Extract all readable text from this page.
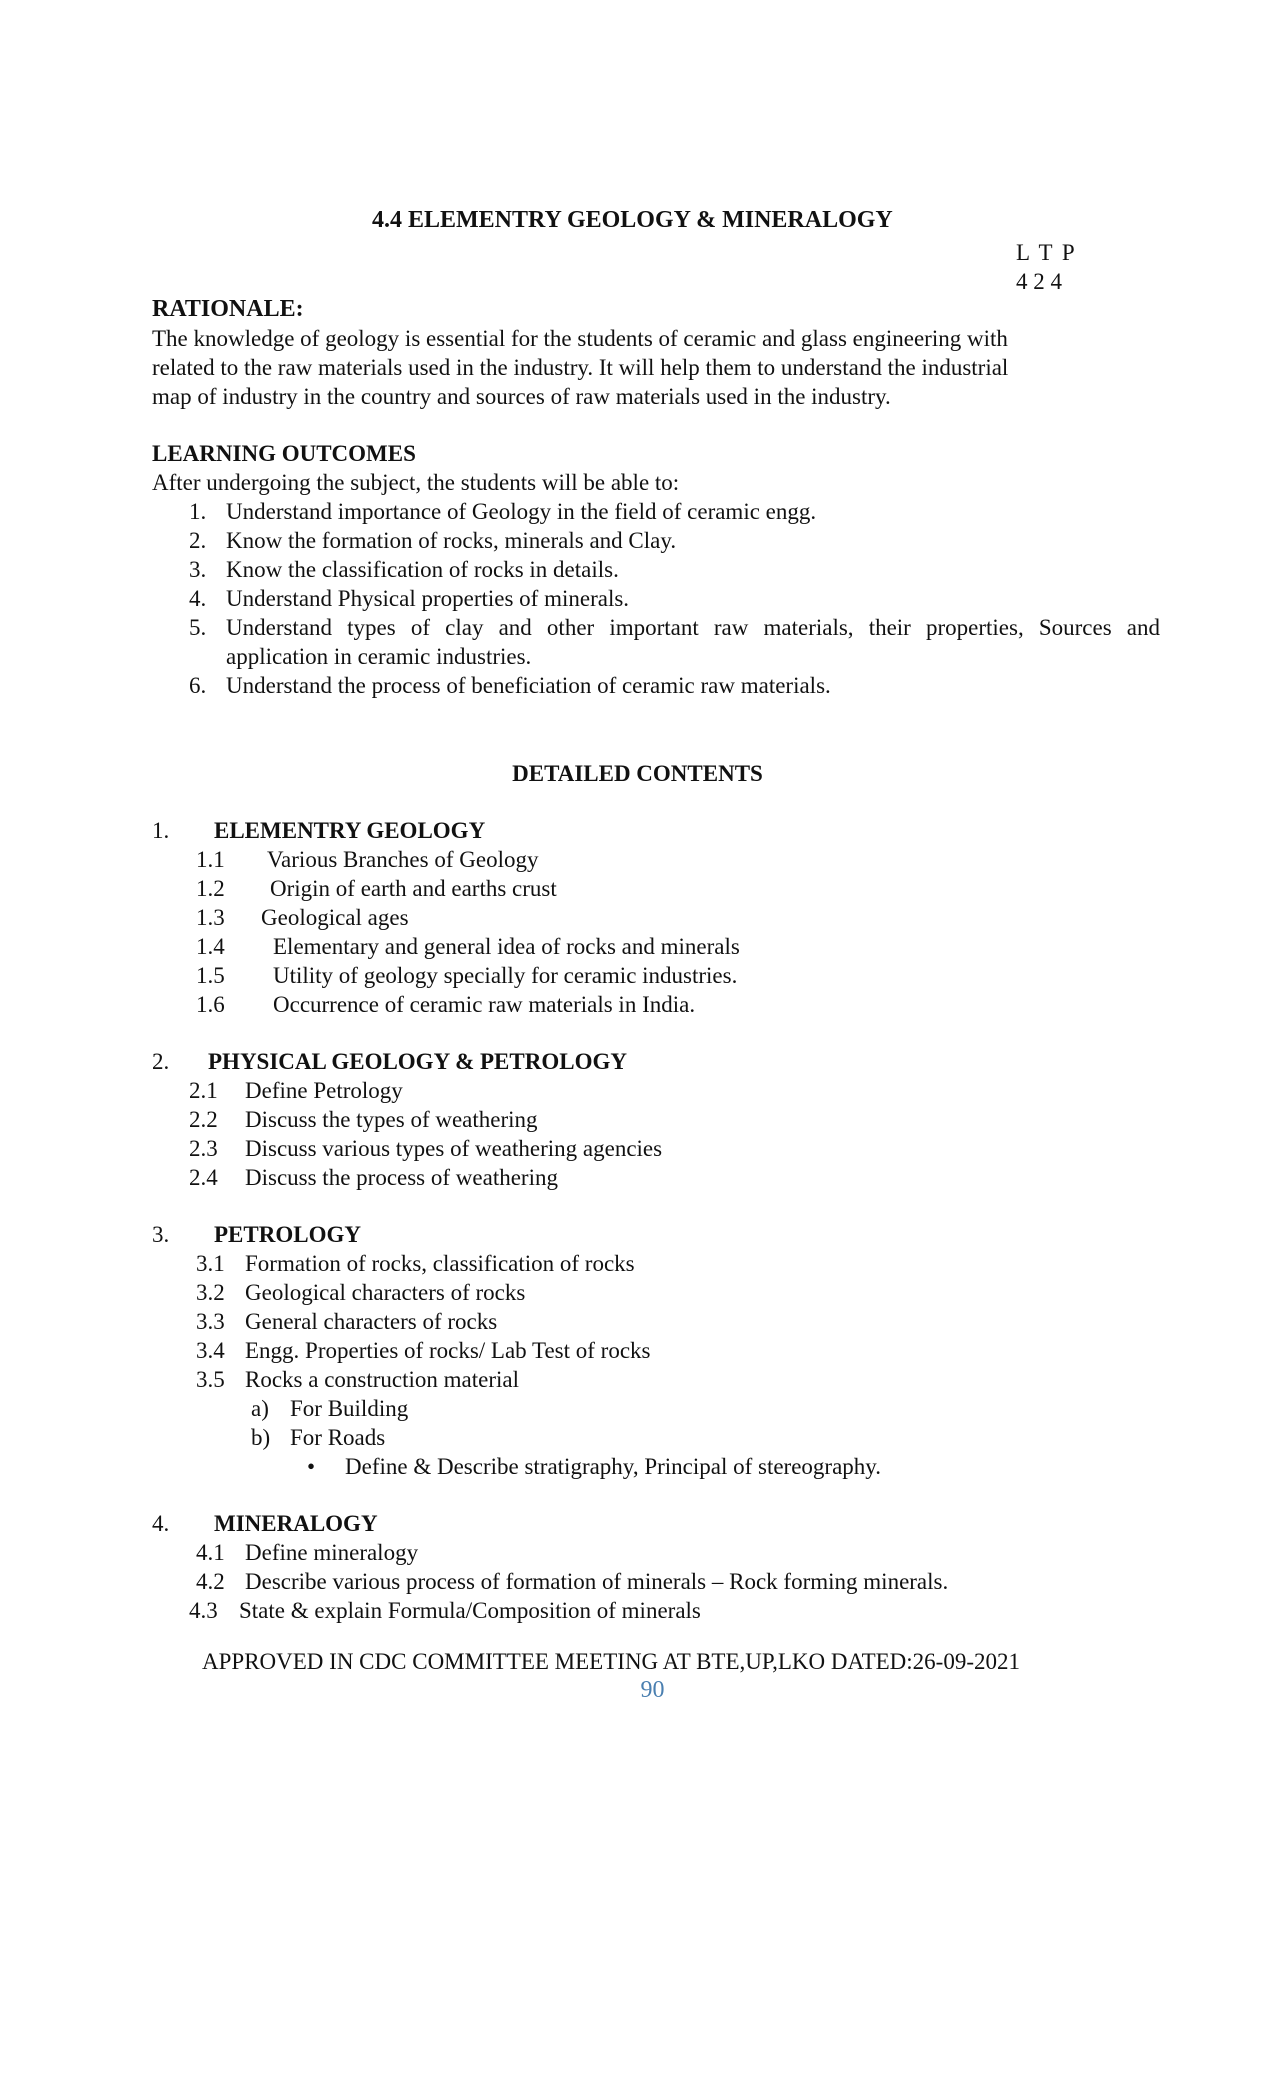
4.4 ELEMENTRY GEOLOGY & MINERALOGY
L T P
4 2 4
RATIONALE:
The knowledge of geology is essential for the students of ceramic and glass engineering with
related to the raw materials used in the industry. It will help them to understand the industrial
map of industry in the country and sources of raw materials used in the industry.
LEARNING OUTCOMES
After undergoing the subject, the students will be able to:
1. Understand importance of Geology in the field of ceramic engg.
2. Know the formation of rocks, minerals and Clay.
3. Know the classification of rocks in details.
4. Understand Physical properties of minerals.
5. Understand types of clay and other important raw materials, their properties, Sources and
application in ceramic industries.
6. Understand the process of beneficiation of ceramic raw materials.
DETAILED CONTENTS
1. ELEMENTRY GEOLOGY
1.1 Various Branches of Geology
1.2 Origin of earth and earths crust
1.3 Geological ages
1.4 Elementary and general idea of rocks and minerals
1.5 Utility of geology specially for ceramic industries.
1.6 Occurrence of ceramic raw materials in India.
2. PHYSICAL GEOLOGY & PETROLOGY
2.1 Define Petrology
2.2 Discuss the types of weathering
2.3 Discuss various types of weathering agencies
2.4 Discuss the process of weathering
3. PETROLOGY
3.1 Formation of rocks, classification of rocks
3.2 Geological characters of rocks
3.3 General characters of rocks
3.4 Engg. Properties of rocks/ Lab Test of rocks
3.5 Rocks a construction material
a) For Building
b) For Roads
• Define & Describe stratigraphy, Principal of stereography.
4. MINERALOGY
4.1 Define mineralogy
4.2 Describe various process of formation of minerals – Rock forming minerals.
4.3 State & explain Formula/Composition of minerals
APPROVED IN CDC COMMITTEE MEETING AT BTE,UP,LKO DATED:26-09-2021
90
